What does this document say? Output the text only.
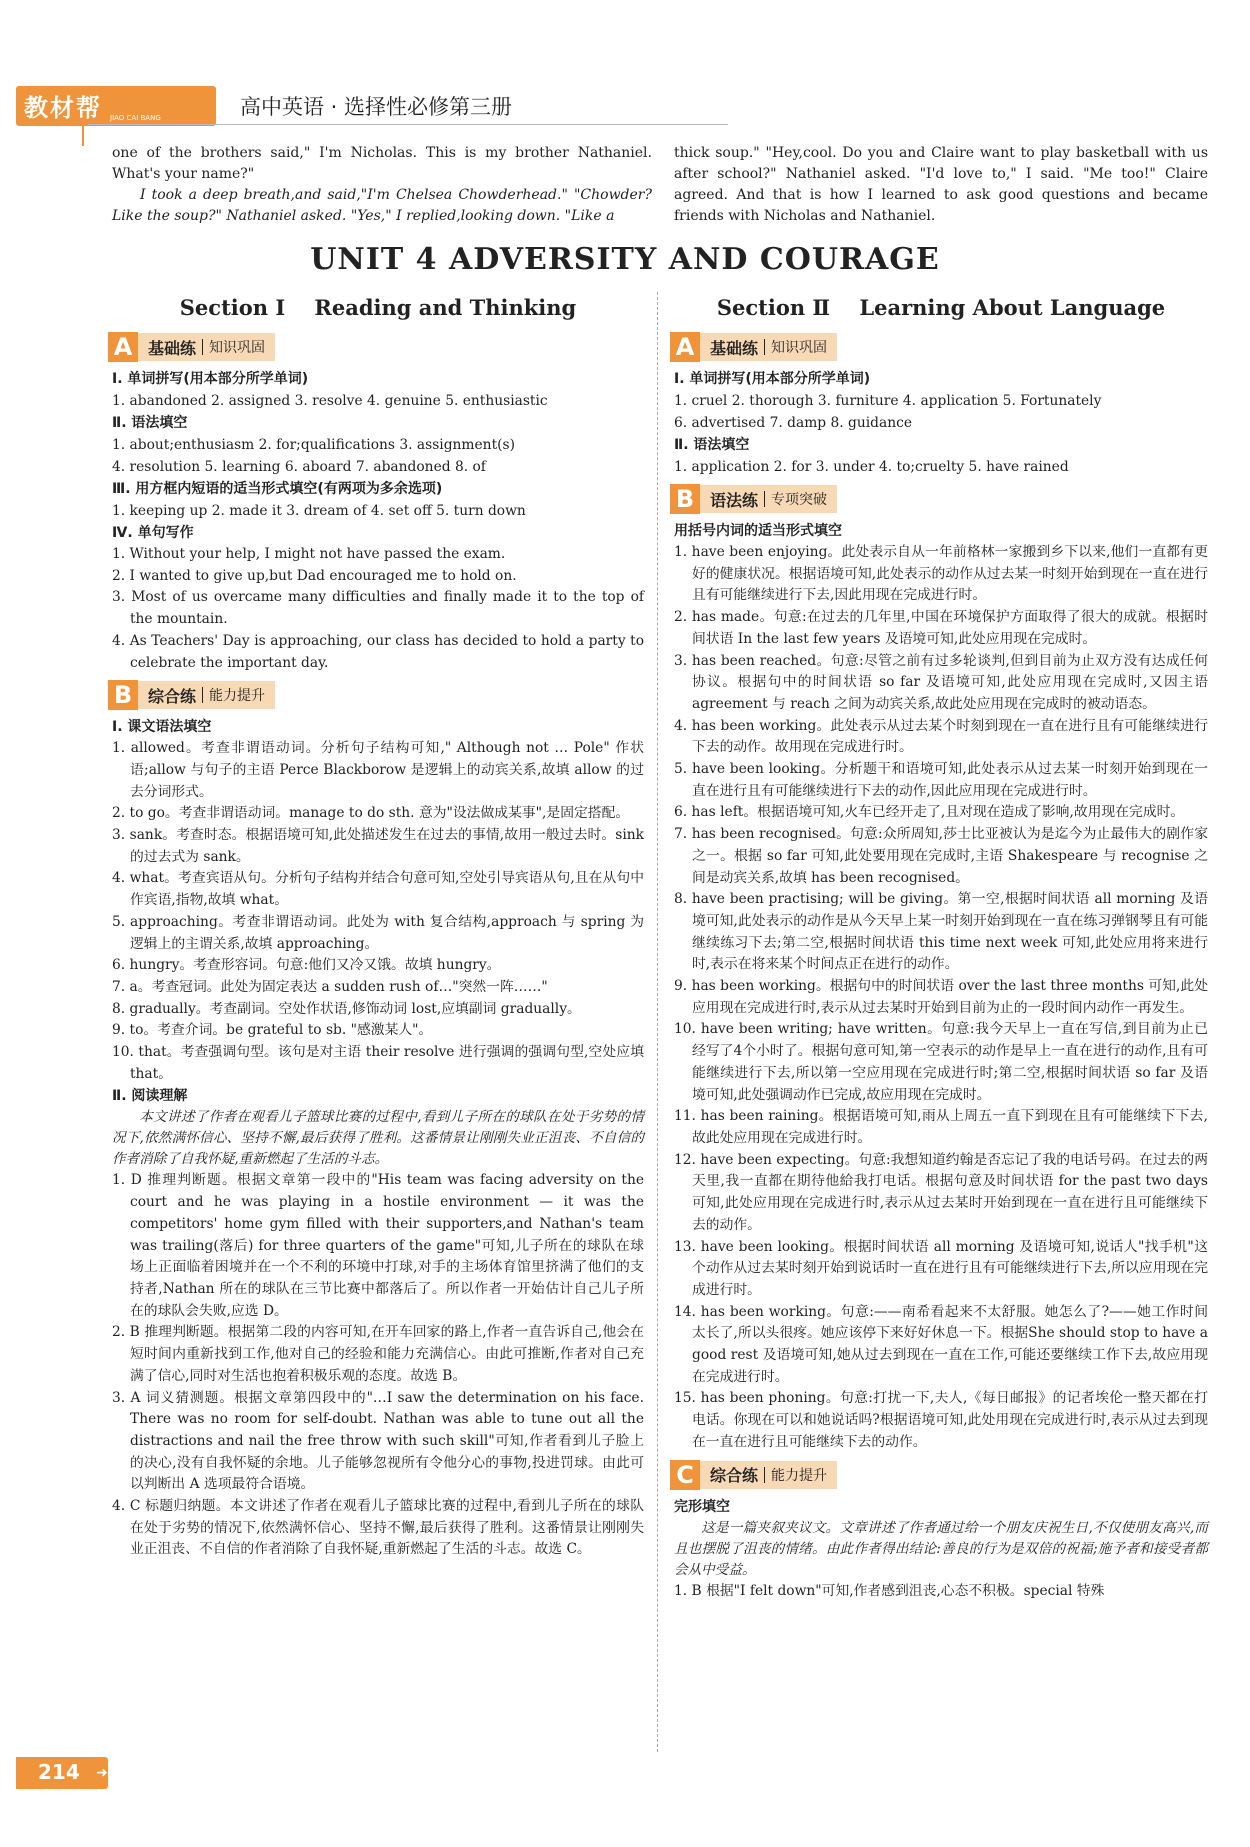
教材帮 JIAO CAI BANG	高中英语 · 选择性必修第三册

one of the brothers said," I'm Nicholas. This is my brother Nathaniel. What's your name?"

I took a deep breath,and said,"I'm Chelsea Chowderhead." "Chowder? Like the soup?" Nathaniel asked. "Yes," I replied,looking down. "Like a

thick soup." "Hey,cool. Do you and Claire want to play basketball with us after school?" Nathaniel asked. "I'd love to," I said. "Me too!" Claire agreed. And that is how I learned to ask good questions and became friends with Nicholas and Nathaniel.

UNIT 4 ADVERSITY AND COURAGE
Section Ⅰ    Reading and Thinking
A 基础练 知识巩固
Ⅰ. 单词拼写(用本部分所学单词)
1. abandoned 2. assigned 3. resolve 4. genuine 5. enthusiastic
Ⅱ. 语法填空
1. about;enthusiasm 2. for;qualifications 3. assignment(s)
4. resolution 5. learning 6. aboard 7. abandoned 8. of
Ⅲ. 用方框内短语的适当形式填空(有两项为多余选项)
1. keeping up 2. made it 3. dream of 4. set off 5. turn down
Ⅳ. 单句写作
1. Without your help, I might not have passed the exam.
2. I wanted to give up,but Dad encouraged me to hold on.
3. Most of us overcame many difficulties and finally made it to the top of the mountain.
4. As Teachers' Day is approaching, our class has decided to hold a party to celebrate the important day.
B 综合练 能力提升
Ⅰ. 课文语法填空
1. allowed。考查非谓语动词。分析句子结构可知," Although not … Pole" 作状语;allow 与句子的主语 Perce Blackborow 是逻辑上的动宾关系,故填 allow 的过去分词形式。
2. to go。考查非谓语动词。manage to do sth. 意为"设法做成某事",是固定搭配。
3. sank。考查时态。根据语境可知,此处描述发生在过去的事情,故用一般过去时。sink 的过去式为 sank。
4. what。考查宾语从句。分析句子结构并结合句意可知,空处引导宾语从句,且在从句中作宾语,指物,故填 what。
5. approaching。考查非谓语动词。此处为 with 复合结构,approach 与 spring 为逻辑上的主谓关系,故填 approaching。
6. hungry。考查形容词。句意:他们又冷又饿。故填 hungry。
7. a。考查冠词。此处为固定表达 a sudden rush of…"突然一阵……"
8. gradually。考查副词。空处作状语,修饰动词 lost,应填副词 gradually。
9. to。考查介词。be grateful to sb. "感激某人"。
10. that。考查强调句型。该句是对主语 their resolve 进行强调的强调句型,空处应填 that。
Ⅱ. 阅读理解
本文讲述了作者在观看儿子篮球比赛的过程中,看到儿子所在的球队在处于劣势的情况下,依然满怀信心、坚持不懈,最后获得了胜利。这番情景让刚刚失业正沮丧、不自信的作者消除了自我怀疑,重新燃起了生活的斗志。
1. D 推理判断题。根据文章第一段中的"His team was facing adversity on the court and he was playing in a hostile environment — it was the competitors' home gym filled with their supporters,and Nathan's team was trailing(落后) for three quarters of the game"可知,儿子所在的球队在球场上正面临着困境并在一个不利的环境中打球,对手的主场体育馆里挤满了他们的支持者,Nathan 所在的球队在三节比赛中都落后了。所以作者一开始估计自己儿子所在的球队会失败,应选 D。
2. B 推理判断题。根据第二段的内容可知,在开车回家的路上,作者一直告诉自己,他会在短时间内重新找到工作,他对自己的经验和能力充满信心。由此可推断,作者对自己充满了信心,同时对生活也抱着积极乐观的态度。故选 B。
3. A 词义猜测题。根据文章第四段中的"…I saw the determination on his face. There was no room for self-doubt. Nathan was able to tune out all the distractions and nail the free throw with such skill"可知,作者看到儿子脸上的决心,没有自我怀疑的余地。儿子能够忽视所有令他分心的事物,投进罚球。由此可以判断出 A 选项最符合语境。
4. C 标题归纳题。本文讲述了作者在观看儿子篮球比赛的过程中,看到儿子所在的球队在处于劣势的情况下,依然满怀信心、坚持不懈,最后获得了胜利。这番情景让刚刚失业正沮丧、不自信的作者消除了自我怀疑,重新燃起了生活的斗志。故选 C。
Section Ⅱ    Learning About Language
A 基础练 知识巩固
Ⅰ. 单词拼写(用本部分所学单词)
1. cruel 2. thorough 3. furniture 4. application 5. Fortunately
6. advertised 7. damp 8. guidance
Ⅱ. 语法填空
1. application 2. for 3. under 4. to;cruelty 5. have rained
B 语法练 专项突破
用括号内词的适当形式填空
1. have been enjoying。此处表示自从一年前格林一家搬到乡下以来,他们一直都有更好的健康状况。根据语境可知,此处表示的动作从过去某一时刻开始到现在一直在进行且有可能继续进行下去,因此用现在完成进行时。
2. has made。句意:在过去的几年里,中国在环境保护方面取得了很大的成就。根据时间状语 In the last few years 及语境可知,此处应用现在完成时。
3. has been reached。句意:尽管之前有过多轮谈判,但到目前为止双方没有达成任何协议。根据句中的时间状语 so far 及语境可知,此处应用现在完成时,又因主语 agreement 与 reach 之间为动宾关系,故此处应用现在完成时的被动语态。
4. has been working。此处表示从过去某个时刻到现在一直在进行且有可能继续进行下去的动作。故用现在完成进行时。
5. have been looking。分析题干和语境可知,此处表示从过去某一时刻开始到现在一直在进行且有可能继续进行下去的动作,因此应用现在完成进行时。
6. has left。根据语境可知,火车已经开走了,且对现在造成了影响,故用现在完成时。
7. has been recognised。句意:众所周知,莎士比亚被认为是迄今为止最伟大的剧作家之一。根据 so far 可知,此处要用现在完成时,主语 Shakespeare 与 recognise 之间是动宾关系,故填 has been recognised。
8. have been practising; will be giving。第一空,根据时间状语 all morning 及语境可知,此处表示的动作是从今天早上某一时刻开始到现在一直在练习弹钢琴且有可能继续练习下去;第二空,根据时间状语 this time next week 可知,此处应用将来进行时,表示在将来某个时间点正在进行的动作。
9. has been working。根据句中的时间状语 over the last three months 可知,此处应用现在完成进行时,表示从过去某时开始到目前为止的一段时间内动作一再发生。
10. have been writing; have written。句意:我今天早上一直在写信,到目前为止已经写了4个小时了。根据句意可知,第一空表示的动作是早上一直在进行的动作,且有可能继续进行下去,所以第一空应用现在完成进行时;第二空,根据时间状语 so far 及语境可知,此处强调动作已完成,故应用现在完成时。
11. has been raining。根据语境可知,雨从上周五一直下到现在且有可能继续下下去,故此处应用现在完成进行时。
12. have been expecting。句意:我想知道约翰是否忘记了我的电话号码。在过去的两天里,我一直都在期待他給我打电话。根据句意及时间状语 for the past two days 可知,此处应用现在完成进行时,表示从过去某时开始到现在一直在进行且可能继续下去的动作。
13. have been looking。根据时间状语 all morning 及语境可知,说话人"找手机"这个动作从过去某时刻开始到说话时一直在进行且有可能继续进行下去,所以应用现在完成进行时。
14. has been working。句意:——南希看起来不太舒服。她怎么了?——她工作时间太长了,所以头很疼。她应该停下来好好休息一下。根据She should stop to have a good rest 及语境可知,她从过去到现在一直在工作,可能还要继续工作下去,故应用现在完成进行时。
15. has been phoning。句意:打扰一下,夫人,《每日邮报》的记者埃伦一整天都在打电话。你现在可以和她说话吗?根据语境可知,此处用现在完成进行时,表示从过去到现在一直在进行且可能继续下去的动作。
C	综合练 能力提升
完形填空
这是一篇夹叙夹议文。文章讲述了作者通过给一个朋友庆祝生日,不仅使朋友高兴,而且也摆脱了沮丧的情绪。由此作者得出结论:善良的行为是双倍的祝福;施予者和接受者都会从中受益。
1. B 根据"I felt down"可知,作者感到沮丧,心态不积极。special 特殊
214 ➜
